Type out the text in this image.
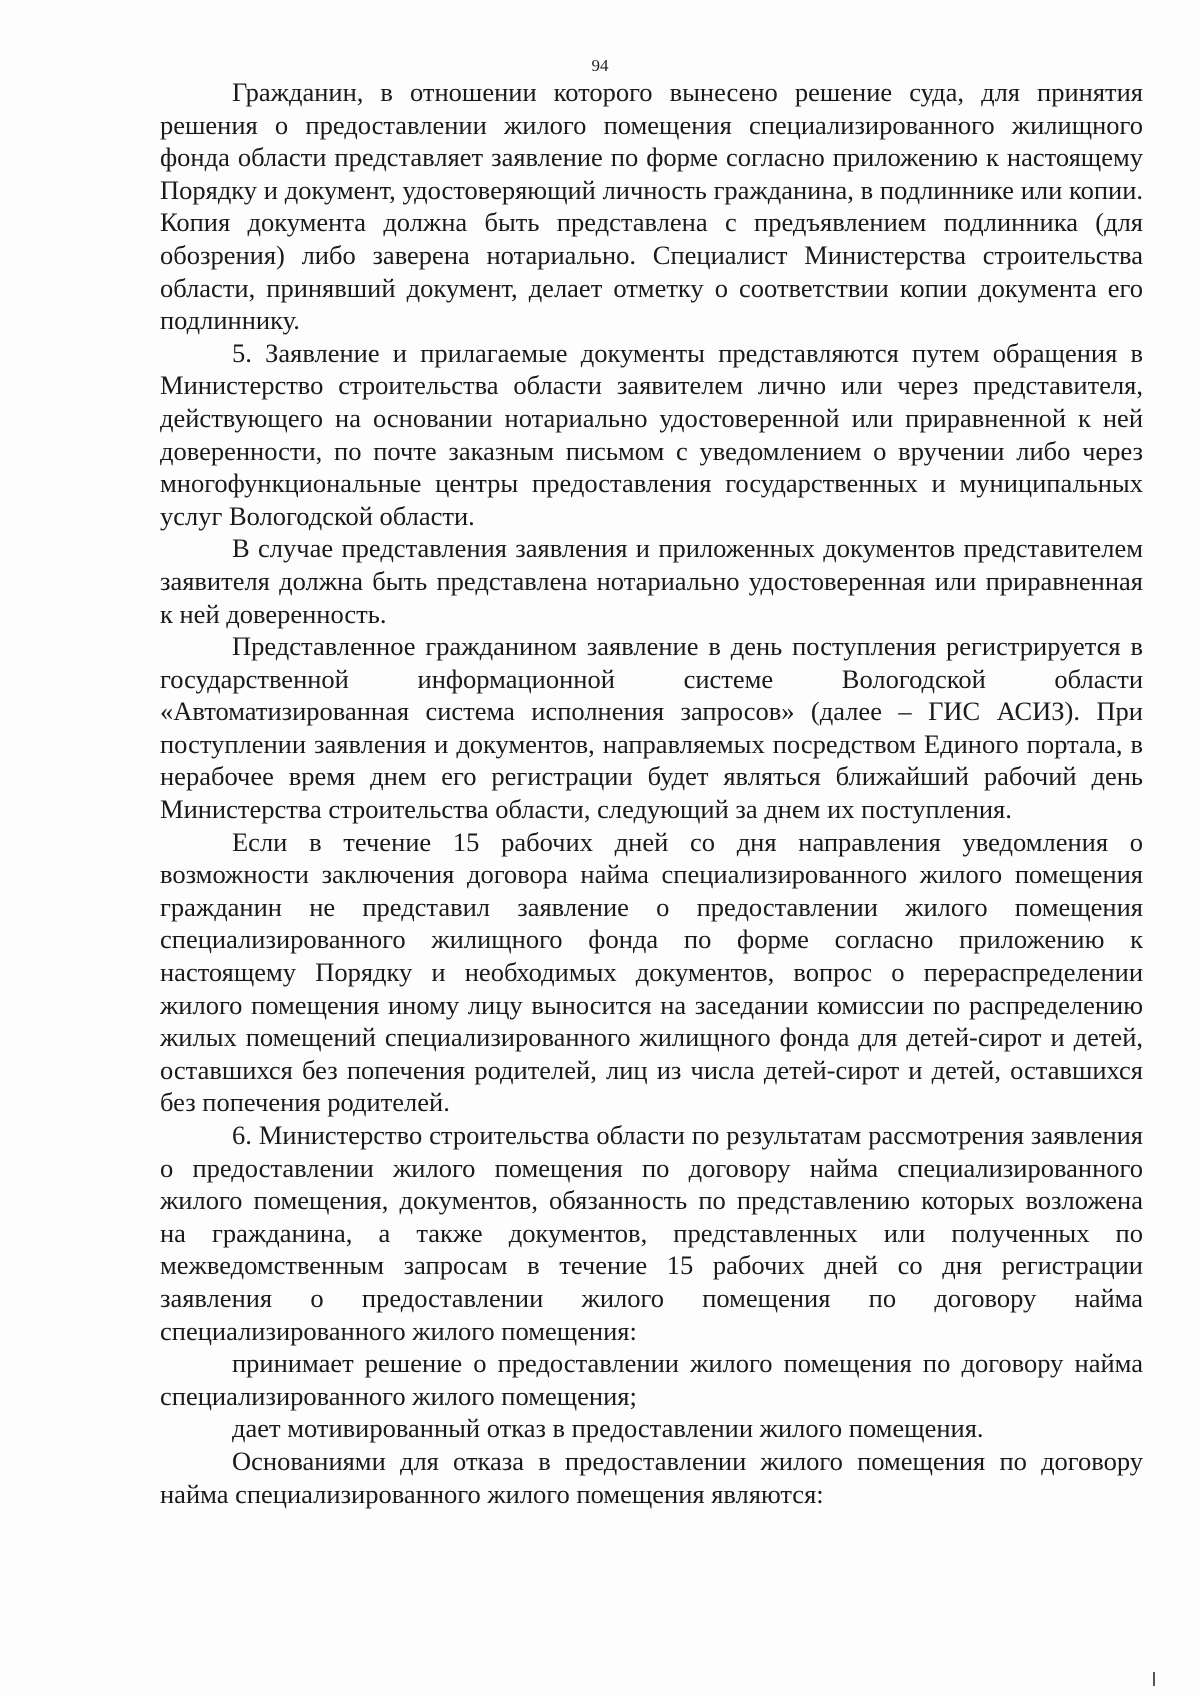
94

Гражданин, в отношении которого вынесено решение суда, для принятия решения о предоставлении жилого помещения специализированного жилищного фонда области представляет заявление по форме согласно приложению к настоящему Порядку и документ, удостоверяющий личность гражданина, в подлиннике или копии. Копия документа должна быть представлена с предъявлением подлинника (для обозрения) либо заверена нотариально. Специалист Министерства строительства области, принявший документ, делает отметку о соответствии копии документа его подлиннику.

5. Заявление и прилагаемые документы представляются путем обращения в Министерство строительства области заявителем лично или через представителя, действующего на основании нотариально удостоверенной или приравненной к ней доверенности, по почте заказным письмом с уведомлением о вручении либо через многофункциональные центры предоставления государственных и муниципальных услуг Вологодской области.

В случае представления заявления и приложенных документов представителем заявителя должна быть представлена нотариально удостоверенная или приравненная к ней доверенность.

Представленное гражданином заявление в день поступления регистрируется в государственной информационной системе Вологодской области «Автоматизированная система исполнения запросов» (далее – ГИС АСИЗ). При поступлении заявления и документов, направляемых посредством Единого портала, в нерабочее время днем его регистрации будет являться ближайший рабочий день Министерства строительства области, следующий за днем их поступления.

Если в течение 15 рабочих дней со дня направления уведомления о возможности заключения договора найма специализированного жилого помещения гражданин не представил заявление о предоставлении жилого помещения специализированного жилищного фонда по форме согласно приложению к настоящему Порядку и необходимых документов, вопрос о перераспределении жилого помещения иному лицу выносится на заседании комиссии по распределению жилых помещений специализированного жилищного фонда для детей-сирот и детей, оставшихся без попечения родителей, лиц из числа детей-сирот и детей, оставшихся без попечения родителей.

6. Министерство строительства области по результатам рассмотрения заявления о предоставлении жилого помещения по договору найма специализированного жилого помещения, документов, обязанность по представлению которых возложена на гражданина, а также документов, представленных или полученных по межведомственным запросам в течение 15 рабочих дней со дня регистрации заявления о предоставлении жилого помещения по договору найма специализированного жилого помещения:

принимает решение о предоставлении жилого помещения по договору найма специализированного жилого помещения;

дает мотивированный отказ в предоставлении жилого помещения.

Основаниями для отказа в предоставлении жилого помещения по договору найма специализированного жилого помещения являются:
